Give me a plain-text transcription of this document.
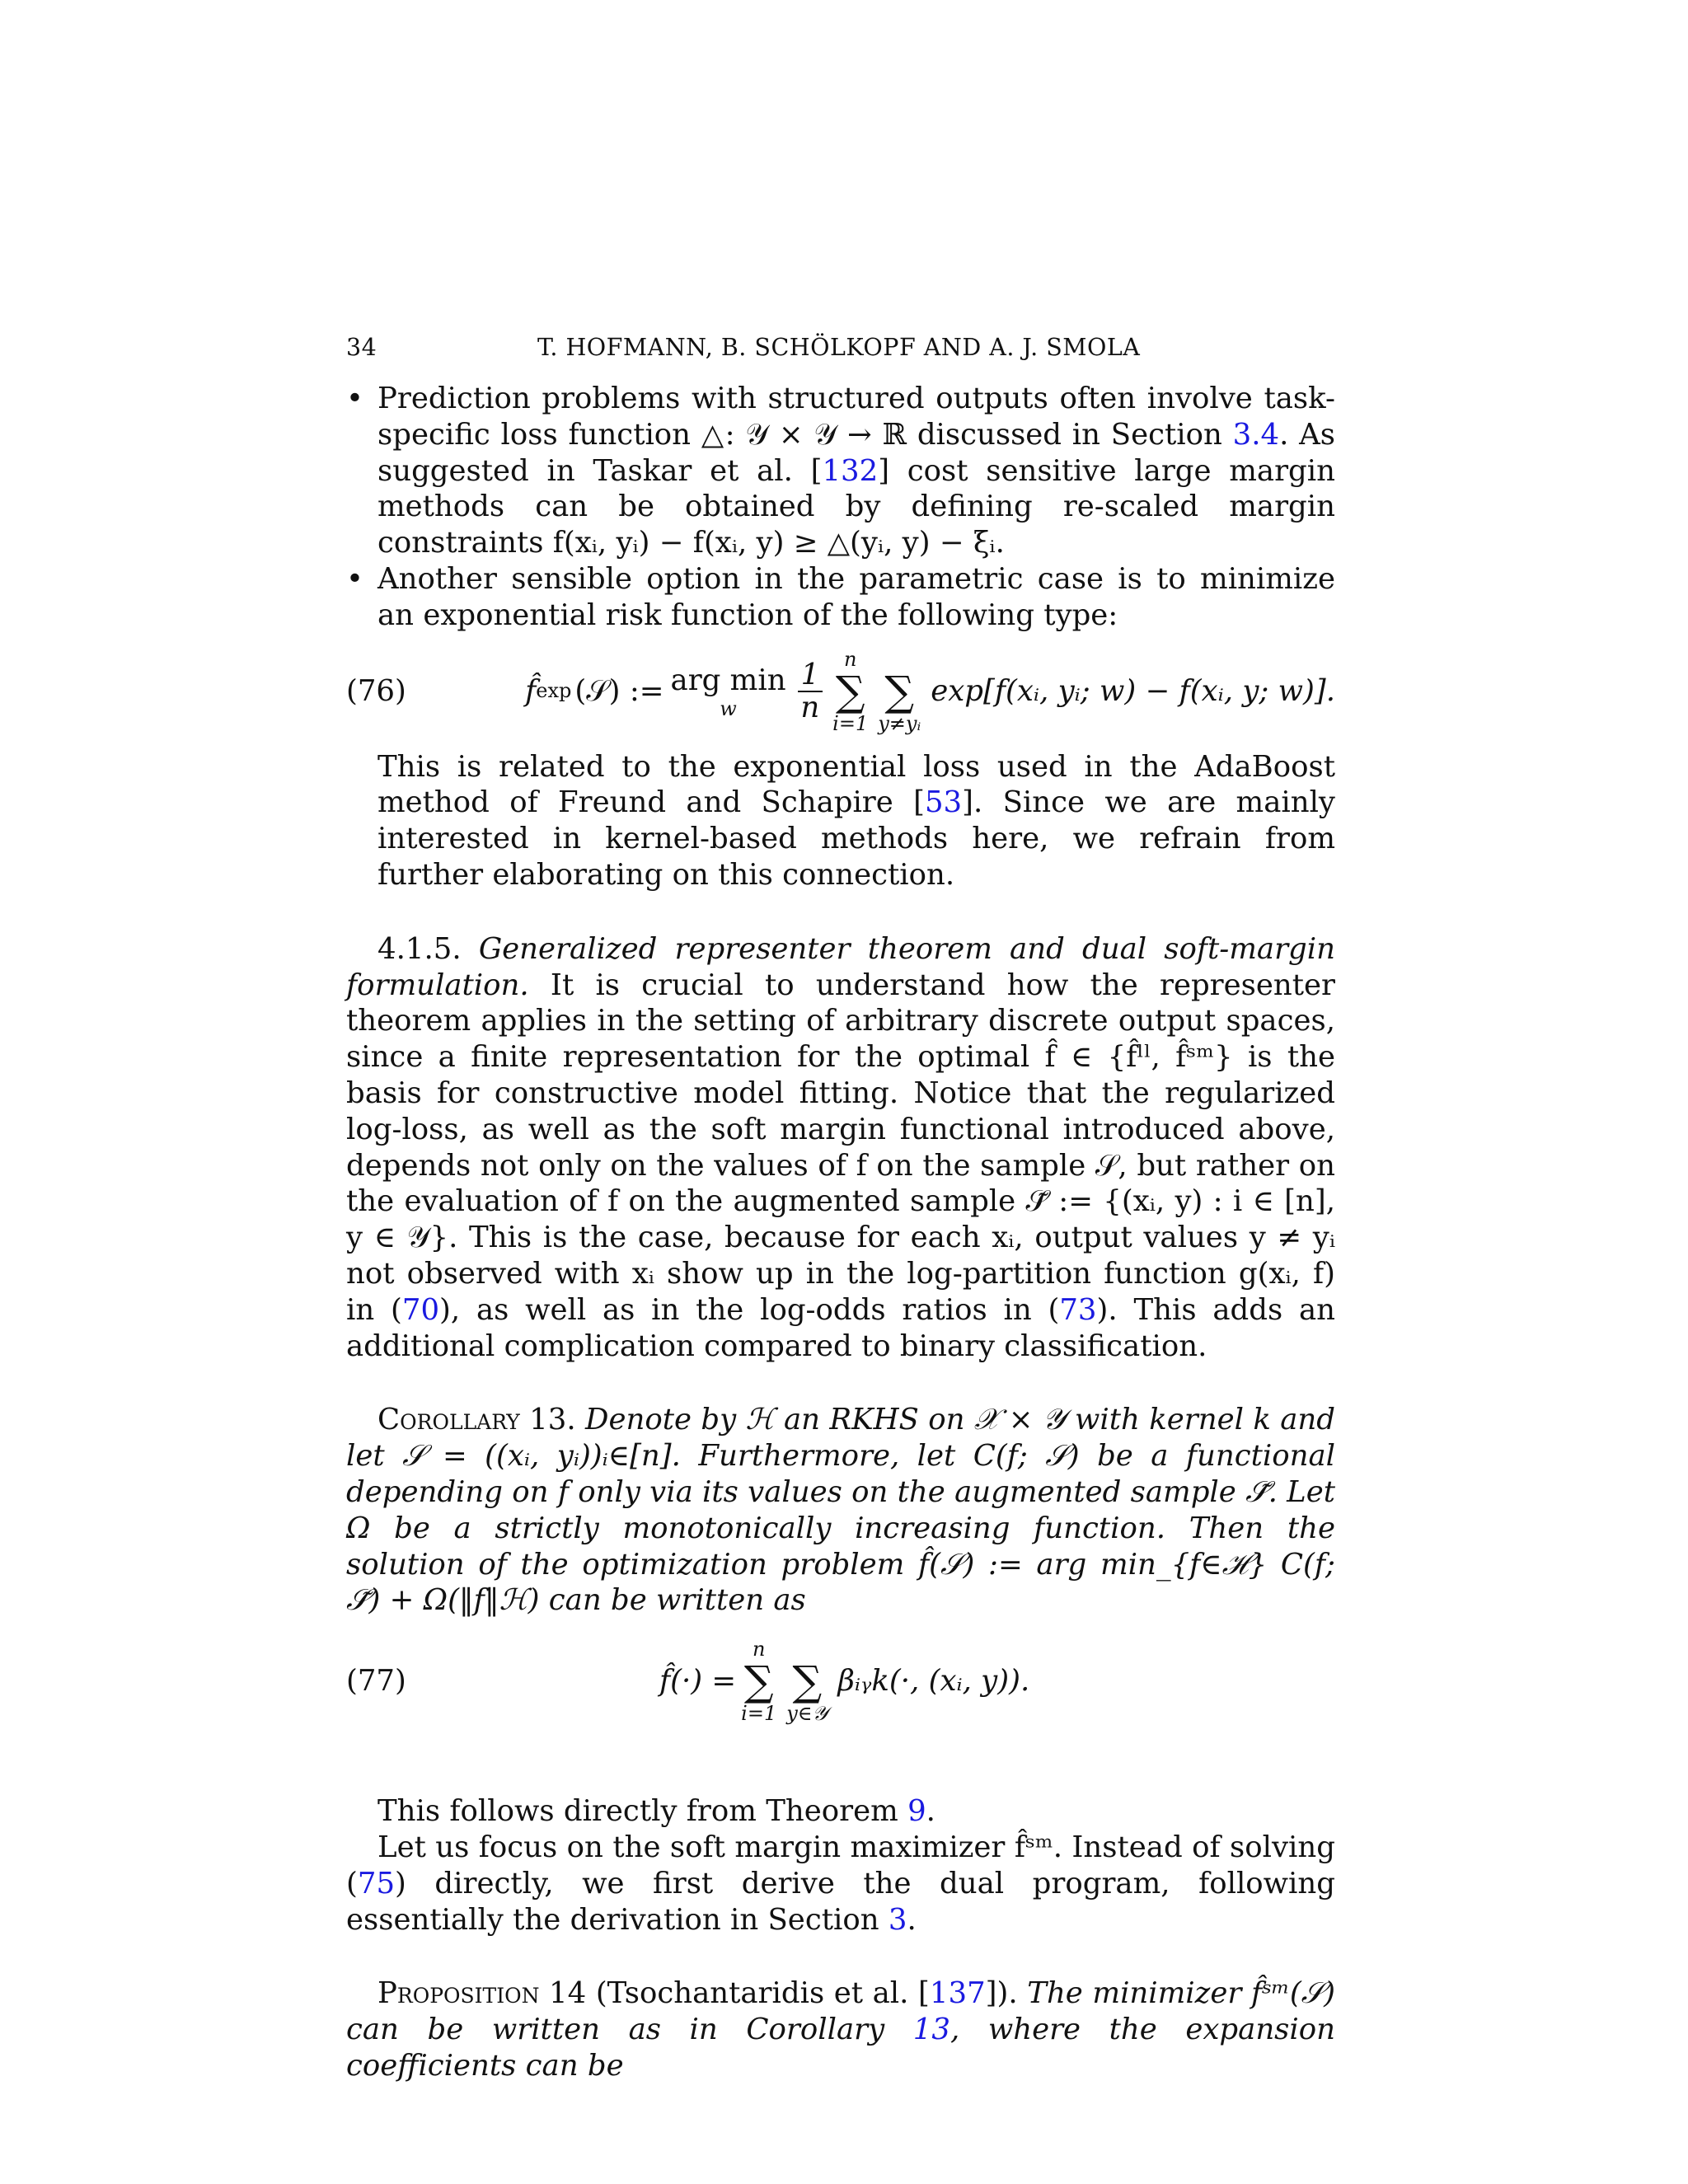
34	T. HOFMANN, B. SCHÖLKOPF AND A. J. SMOLA
• Prediction problems with structured outputs often involve task-specific loss function △: 𝒴 × 𝒴 → ℝ discussed in Section 3.4. As suggested in Taskar et al. [132] cost sensitive large margin methods can be obtained by defining re-scaled margin constraints f(xᵢ, yᵢ) − f(xᵢ, y) ≥ △(yᵢ, y) − ξᵢ.
• Another sensible option in the parametric case is to minimize an exponential risk function of the following type:
(76)	f̂ exp (𝒮) := arg min
w $\frac{1}{n}$ n
∑
i=1

∑
y≠yᵢ
exp[f(xᵢ, yᵢ; w) − f(xᵢ, y; w)].

This is related to the exponential loss used in the AdaBoost method of Freund and Schapire [53]. Since we are mainly interested in kernel-based methods here, we refrain from further elaborating on this connection.

4.1.5. Generalized representer theorem and dual soft-margin formulation. It is crucial to understand how the representer theorem applies in the setting of arbitrary discrete output spaces, since a finite representation for the optimal f̂ ∈ {f̂ˡˡ, f̂ˢᵐ} is the basis for constructive model fitting. Notice that the regularized log-loss, as well as the soft margin functional introduced above, depends not only on the values of f on the sample 𝒮, but rather on the evaluation of f on the augmented sample 𝒮̃ := {(xᵢ, y) : i ∈ [n], y ∈ 𝒴}. This is the case, because for each xᵢ, output values y ≠ yᵢ not observed with xᵢ show up in the log-partition function g(xᵢ, f) in (70), as well as in the log-odds ratios in (73). This adds an additional complication compared to binary classification.

Corollary 13. Denote by ℋ an RKHS on 𝒳 × 𝒴 with kernel k and let 𝒮 = ((xᵢ, yᵢ))ᵢ∈[n]. Furthermore, let C(f; 𝒮) be a functional depending on f only via its values on the augmented sample 𝒮̃. Let Ω be a strictly monotonically increasing function. Then the solution of the optimization problem f̂(𝒮) := arg min_{f∈ℋ} C(f; 𝒮̃) + Ω(‖f‖ℋ) can be written as

(77)	f̂(·) =
n
∑
i=1

∑
y∈𝒴
βᵢᵧk(·, (xᵢ, y)).

This follows directly from Theorem 9.

Let us focus on the soft margin maximizer f̂ˢᵐ. Instead of solving (75) directly, we first derive the dual program, following essentially the derivation in Section 3.

Proposition 14 (Tsochantaridis et al. [137]). The minimizer f̂ˢᵐ(𝒮) can be written as in Corollary 13, where the expansion coefficients can be
